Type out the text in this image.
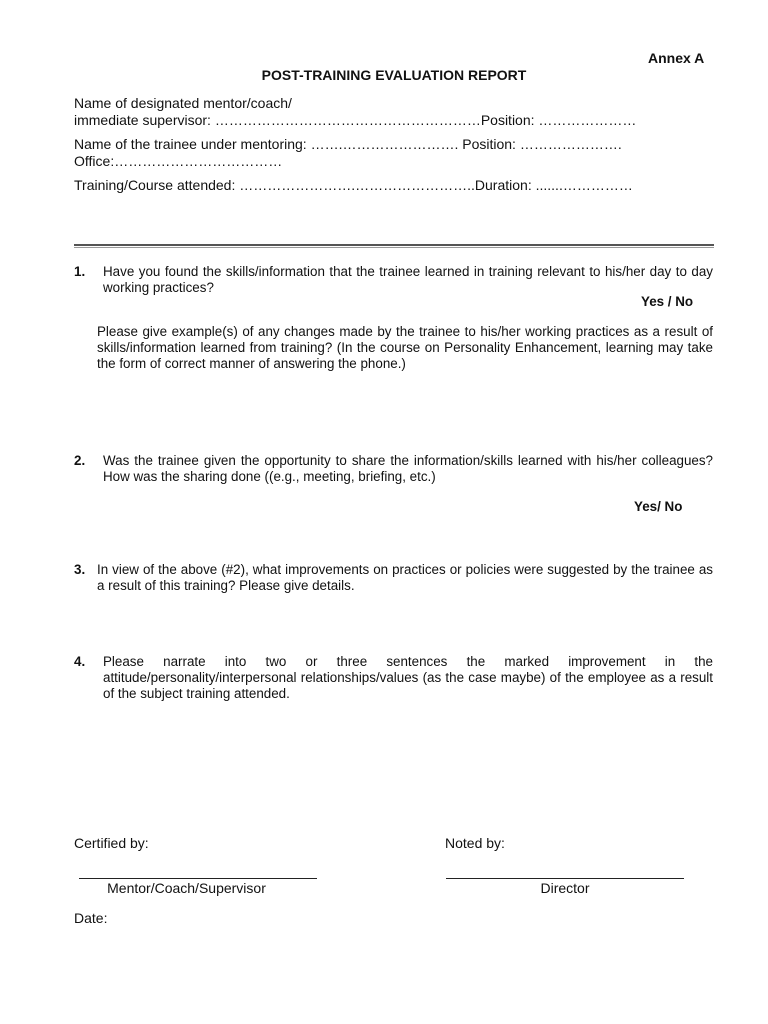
Annex A
POST-TRAINING EVALUATION REPORT
Name of designated mentor/coach/
immediate supervisor: …………………………………………………Position: …………………
Name of the trainee under mentoring: …….……………………. Position: ………………….
Office:………………………………
Training/Course attended: …………………….……………………..Duration: .......……………
1. Have you found the skills/information that the trainee learned in training relevant to his/her day to day working practices?
Yes / No
Please give example(s) of any changes made by the trainee to his/her working practices as a result of skills/information learned from training? (In the course on Personality Enhancement, learning may take the form of correct manner of answering the phone.)
2. Was the trainee given the opportunity to share the information/skills learned with his/her colleagues? How was the sharing done ((e.g., meeting, briefing, etc.)
Yes/ No
3. In view of the above (#2), what improvements on practices or policies were suggested by the trainee as a result of this training? Please give details.
4. Please narrate into two or three sentences the marked improvement in the attitude/personality/interpersonal relationships/values (as the case maybe) of the employee as a result of the subject training attended.
Certified by:	Noted by:
Mentor/Coach/Supervisor	Director
Date:
